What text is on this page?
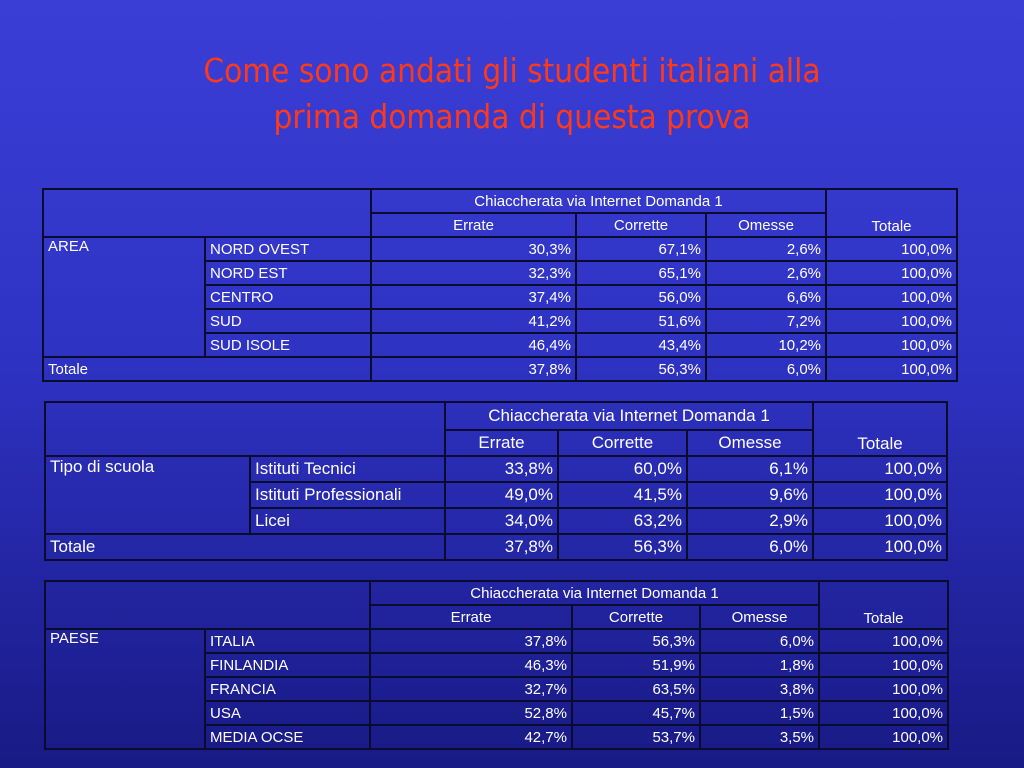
Come sono andati gli studenti italiani alla
prima domanda di questa prova
		Chiaccherata via Internet Domanda 1			Totale
		Errate	Corrette	Omesse	
AREA	NORD OVEST	30,3%	67,1%	2,6%	100,0%
	NORD EST	32,3%	65,1%	2,6%	100,0%
	CENTRO	37,4%	56,0%	6,6%	100,0%
	SUD	41,2%	51,6%	7,2%	100,0%
	SUD ISOLE	46,4%	43,4%	10,2%	100,0%
Totale		37,8%	56,3%	6,0%	100,0%
		Chiaccherata via Internet Domanda 1			Totale
		Errate	Corrette	Omesse	
Tipo di scuola	Istituti Tecnici	33,8%	60,0%	6,1%	100,0%
	Istituti Professionali	49,0%	41,5%	9,6%	100,0%
	Licei	34,0%	63,2%	2,9%	100,0%
Totale		37,8%	56,3%	6,0%	100,0%
		Chiaccherata via Internet Domanda 1			Totale
		Errate	Corrette	Omesse	
PAESE	ITALIA	37,8%	56,3%	6,0%	100,0%
	FINLANDIA	46,3%	51,9%	1,8%	100,0%
	FRANCIA	32,7%	63,5%	3,8%	100,0%
	USA	52,8%	45,7%	1,5%	100,0%
	MEDIA OCSE	42,7%	53,7%	3,5%	100,0%
